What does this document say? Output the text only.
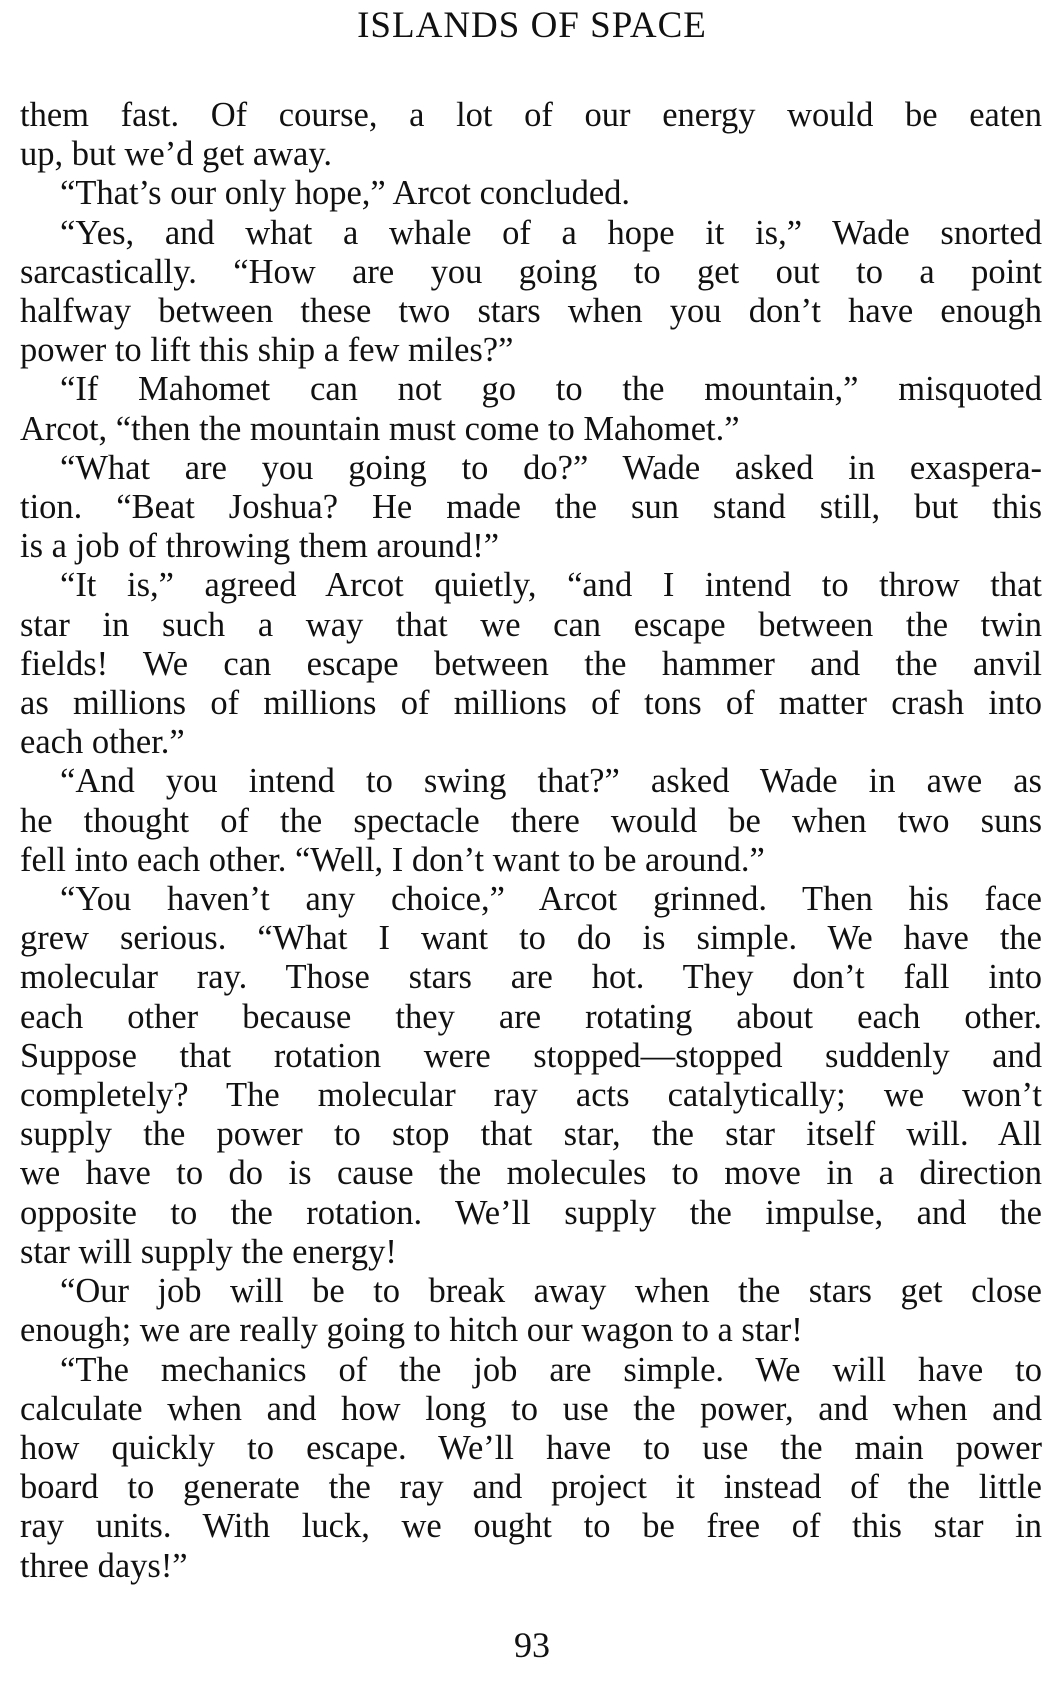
ISLANDS OF SPACE
them fast. Of course, a lot of our energy would be eaten
up, but we’d get away.
“That’s our only hope,” Arcot concluded.
“Yes, and what a whale of a hope it is,” Wade snorted
sarcastically. “How are you going to get out to a point
halfway between these two stars when you don’t have enough
power to lift this ship a few miles?”
“If Mahomet can not go to the mountain,” misquoted
Arcot, “then the mountain must come to Mahomet.”
“What are you going to do?” Wade asked in exaspera-
tion. “Beat Joshua? He made the sun stand still, but this
is a job of throwing them around!”
“It is,” agreed Arcot quietly, “and I intend to throw that
star in such a way that we can escape between the twin
fields! We can escape between the hammer and the anvil
as millions of millions of millions of tons of matter crash into
each other.”
“And you intend to swing that?” asked Wade in awe as
he thought of the spectacle there would be when two suns
fell into each other. “Well, I don’t want to be around.”
“You haven’t any choice,” Arcot grinned. Then his face
grew serious. “What I want to do is simple. We have the
molecular ray. Those stars are hot. They don’t fall into
each other because they are rotating about each other.
Suppose that rotation were stopped—stopped suddenly and
completely? The molecular ray acts catalytically; we won’t
supply the power to stop that star, the star itself will. All
we have to do is cause the molecules to move in a direction
opposite to the rotation. We’ll supply the impulse, and the
star will supply the energy!
“Our job will be to break away when the stars get close
enough; we are really going to hitch our wagon to a star!
“The mechanics of the job are simple. We will have to
calculate when and how long to use the power, and when and
how quickly to escape. We’ll have to use the main power
board to generate the ray and project it instead of the little
ray units. With luck, we ought to be free of this star in
three days!”
93
